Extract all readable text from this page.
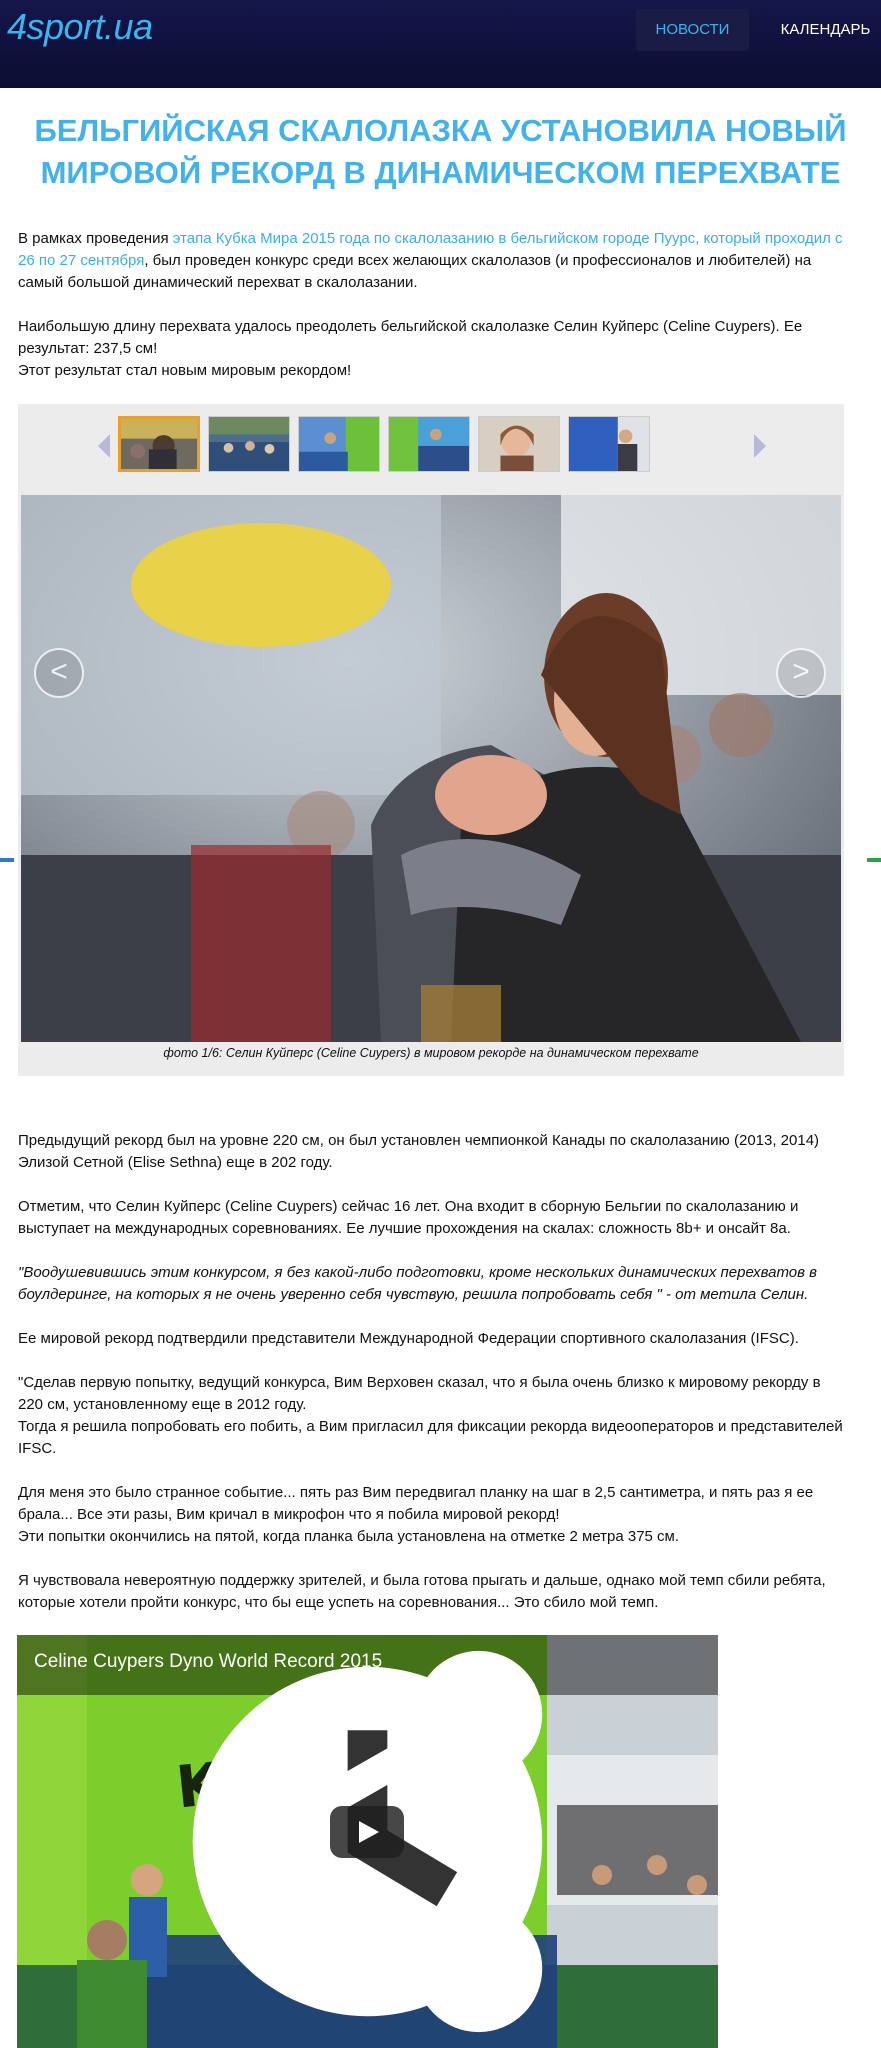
4sport.ua	НОВОСТИ	КАЛЕНДАРЬ
БЕЛЬГИЙСКАЯ СКАЛОЛАЗКА УСТАНОВИЛА НОВЫЙ МИРОВОЙ РЕКОРД В ДИНАМИЧЕСКОМ ПЕРЕХВАТЕ

В рамках проведения этапа Кубка Мира 2015 года по скалолазанию в бельгийском городе Пуурс, который проходил с 26 по 27 сентября, был проведен конкурс среди всех желающих скалолазов (и профессионалов и любителей) на самый большой динамический перехват в скалолазании.

Наибольшую длину перехвата удалось преодолеть бельгийской скалолазке Селин Куйперс (Celine Cuypers). Ее результат: 237,5 см!
Этот результат стал новым мировым рекордом!

<	>
фото 1/6: Селин Куйперс (Celine Cuypers) в мировом рекорде на динамическом перехвате

Предыдущий рекорд был на уровне 220 см, он был установлен чемпионкой Канады по скалолазанию (2013, 2014) Элизой Сетной (Elise Sethna) еще в 202 году.

Отметим, что Селин Куйперс (Celine Cuypers) сейчас 16 лет. Она входит в сборную Бельгии по скалолазанию и выступает на международных соревнованиях. Ее лучшие прохождения на скалах: сложность 8b+ и онсайт 8a.

"Воодушевившись этим конкурсом, я без какой-либо подготовки, кроме нескольких динамических перехватов в боулдеринге, на которых я не очень уверенно себя чувствую, решила попробовать себя " - от метила Селин.

Ее мировой рекорд подтвердили представители Международной Федерации спортивного скалолазания (IFSC).

"Сделав первую попытку, ведущий конкурса, Вим Верховен сказал, что я была очень близко к мировому рекорду в 220 см, установленному еще в 2012 году.
Тогда я решила попробовать его побить, а Вим пригласил для фиксации рекорда видеооператоров и представителей IFSC.

Для меня это было странное событие... пять раз Вим передвигал планку на шаг в 2,5 сантиметра, и пять раз я ее брала... Все эти разы, Вим кричал в микрофон что я побила мировой рекорд!
Эти попытки окончились на пятой, когда планка была установлена на отметке 2 метра 375 см.

Я чувствовала невероятную поддержку зрителей, и была готова прыгать и дальше, однако мой темп сбили ребята, которые хотели пройти конкурс, что бы еще успеть на соревнования... Это сбило мой темп.

Celine Cuypers Dyno World Record 2015
